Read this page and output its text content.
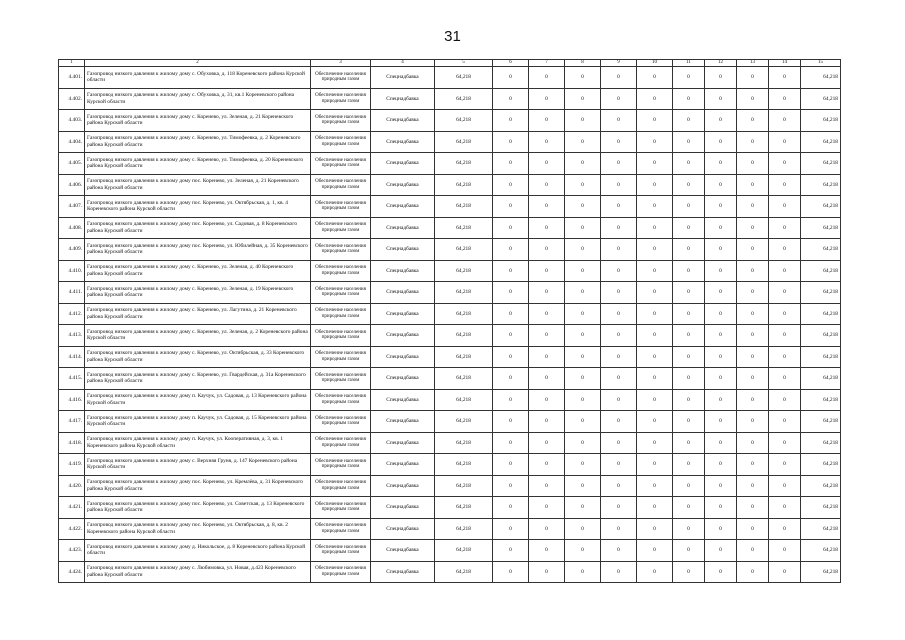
31
1	2	3	4	5	6	7	8	9	10	11	12	13	14	15
4.401.	Газопровод низкого давления к жилому дому с. Обуховка, д. 118 Кореневского района Курской области	Обеспечение населения природным газом	Спецнадбавка	64,218	0	0	0	0	0	0	0	0	0	64,218
4.402.	Газопровод низкого давления к жилому дому с. Обуховка, д. 31, кв.1 Кореневского района Курской области	Обеспечение населения природным газом	Спецнадбавка	64,218	0	0	0	0	0	0	0	0	0	64,218
4.403.	Газопровод низкого давления к жилому дому с. Коренево, ул. Зеленая, д. 21 Кореневского района Курской области	Обеспечение населения природным газом	Спецнадбавка	64,218	0	0	0	0	0	0	0	0	0	64,218
4.404.	Газопровод низкого давления к жилому дому с. Коренево, ул. Тимофеевка, д. 2 Кореневского района Курской области	Обеспечение населения природным газом	Спецнадбавка	64,218	0	0	0	0	0	0	0	0	0	64,218
4.405.	Газопровод низкого давления к жилому дому с. Коренево, ул. Тимофеевка, д. 20 Кореневского района Курской области	Обеспечение населения природным газом	Спецнадбавка	64,218	0	0	0	0	0	0	0	0	0	64,218
4.406.	Газопровод низкого давления к жилому дому пос. Коренево, ул. Зеленая, д. 21 Кореневского района Курской области	Обеспечение населения природным газом	Спецнадбавка	64,218	0	0	0	0	0	0	0	0	0	64,218
4.407.	Газопровод низкого давления к жилому дому пос. Коренево, ул. Октябрьская, д. 1, кв. 4 Кореневского района Курской области	Обеспечение населения природным газом	Спецнадбавка	64,218	0	0	0	0	0	0	0	0	0	64,218
4.408.	Газопровод низкого давления к жилому дому пос. Коренево, ул. Садовая, д. 8 Кореневского района Курской области	Обеспечение населения природным газом	Спецнадбавка	64,218	0	0	0	0	0	0	0	0	0	64,218
4.409.	Газопровод низкого давления к жилому дому пос. Коренево, ул. Юбилейная, д. 35 Кореневского района Курской области	Обеспечение населения природным газом	Спецнадбавка	64,218	0	0	0	0	0	0	0	0	0	64,218
4.410.	Газопровод низкого давления к жилому дому с. Коренево, ул. Зеленая, д. 40 Кореневского района Курской области	Обеспечение населения природным газом	Спецнадбавка	64,218	0	0	0	0	0	0	0	0	0	64,218
4.411.	Газопровод низкого давления к жилому дому с. Коренево, ул. Зеленая, д. 19 Кореневского района Курской области	Обеспечение населения природным газом	Спецнадбавка	64,218	0	0	0	0	0	0	0	0	0	64,218
4.412.	Газопровод низкого давления к жилому дому с. Коренево, ул. Лагутина, д. 21 Кореневского района Курской области	Обеспечение населения природным газом	Спецнадбавка	64,218	0	0	0	0	0	0	0	0	0	64,218
4.413.	Газопровод низкого давления к жилому дому с. Коренево, ул. Зеленая, д. 2 Кореневского района Курской области	Обеспечение населения природным газом	Спецнадбавка	64,218	0	0	0	0	0	0	0	0	0	64,218
4.414.	Газопровод низкого давления к жилому дому с. Коренево, ул. Октябрьская, д. 33 Кореневского района Курской области	Обеспечение населения природным газом	Спецнадбавка	64,218	0	0	0	0	0	0	0	0	0	64,218
4.415.	Газопровод низкого давления к жилому дому с. Коренево, ул. Гвардейская, д. 31а Кореневского района Курской области	Обеспечение населения природным газом	Спецнадбавка	64,218	0	0	0	0	0	0	0	0	0	64,218
4.416.	Газопровод низкого давления к жилому дому п. Каучук, ул. Садовая, д. 13 Кореневского района Курской области	Обеспечение населения природным газом	Спецнадбавка	64,218	0	0	0	0	0	0	0	0	0	64,218
4.417.	Газопровод низкого давления к жилому дому п. Каучук, ул. Садовая, д. 15 Кореневского района Курской области	Обеспечение населения природным газом	Спецнадбавка	64,218	0	0	0	0	0	0	0	0	0	64,218
4.418.	Газопровод низкого давления к жилому дому п. Каучук, ул. Кооперативная, д. 3, кв. 1 Кореневского района Курской области	Обеспечение населения природным газом	Спецнадбавка	64,218	0	0	0	0	0	0	0	0	0	64,218
4.419.	Газопровод низкого давления к жилому дому с. Верхняя Груня, д. 147 Кореневского района Курской области	Обеспечение населения природным газом	Спецнадбавка	64,218	0	0	0	0	0	0	0	0	0	64,218
4.420.	Газопровод низкого давления к жилому дому пос. Коренево, ул. Кремлёва, д. 31 Кореневского района Курской области	Обеспечение населения природным газом	Спецнадбавка	64,218	0	0	0	0	0	0	0	0	0	64,218
4.421.	Газопровод низкого давления к жилому дому пос. Коренево, ул. Советская, д. 13 Кореневского района Курской области	Обеспечение населения природным газом	Спецнадбавка	64,218	0	0	0	0	0	0	0	0	0	64,218
4.422.	Газопровод низкого давления к жилому дому пос. Коренево, ул. Октябрьская, д. 8, кв. 2 Кореневского района Курской области	Обеспечение населения природным газом	Спецнадбавка	64,218	0	0	0	0	0	0	0	0	0	64,218
4.423.	Газопровод низкого давления к жилому дому д. Никольское, д. 8 Кореневского района Курской области	Обеспечение населения природным газом	Спецнадбавка	64,218	0	0	0	0	0	0	0	0	0	64,218
4.424.	Газопровод низкого давления к жилому дому с. Любимовка, ул. Новая, д.423 Кореневского района Курской области	Обеспечение населения природным газом	Спецнадбавка	64,218	0	0	0	0	0	0	0	0	0	64,218
